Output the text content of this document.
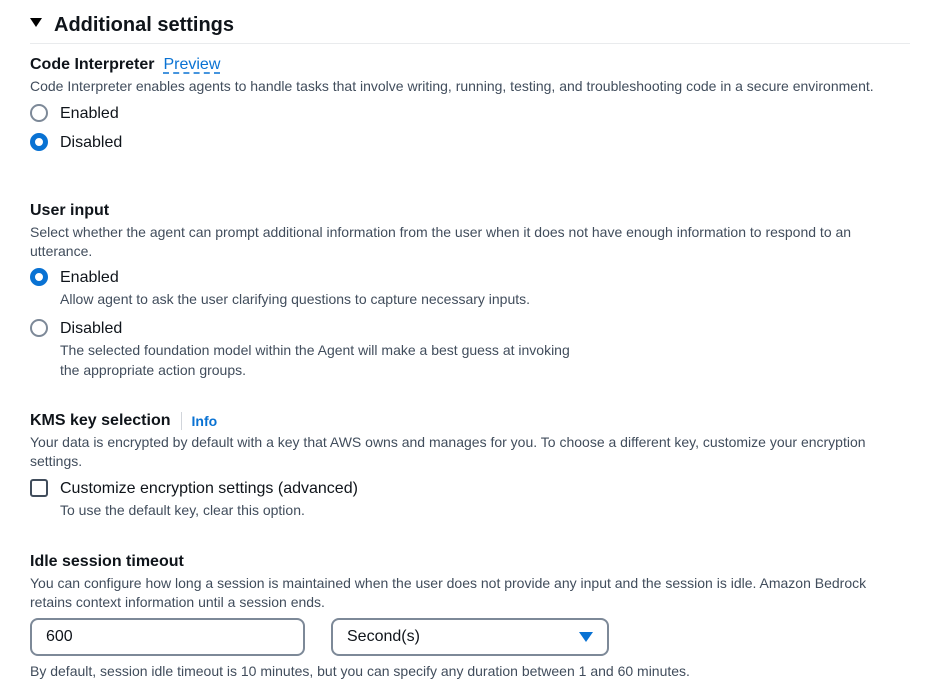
Additional settings
Code Interpreter Preview
Code Interpreter enables agents to handle tasks that involve writing, running, testing, and troubleshooting code in a secure environment.
Enabled
Disabled
User input
Select whether the agent can prompt additional information from the user when it does not have enough information to respond to an utterance.
Enabled
Allow agent to ask the user clarifying questions to capture necessary inputs.
Disabled
The selected foundation model within the Agent will make a best guess at invoking the appropriate action groups.
KMS key selection	Info
Your data is encrypted by default with a key that AWS owns and manages for you. To choose a different key, customize your encryption settings.
Customize encryption settings (advanced)
To use the default key, clear this option.
Idle session timeout
You can configure how long a session is maintained when the user does not provide any input and the session is idle. Amazon Bedrock retains context information until a session ends.
600
Second(s)
By default, session idle timeout is 10 minutes, but you can specify any duration between 1 and 60 minutes.
